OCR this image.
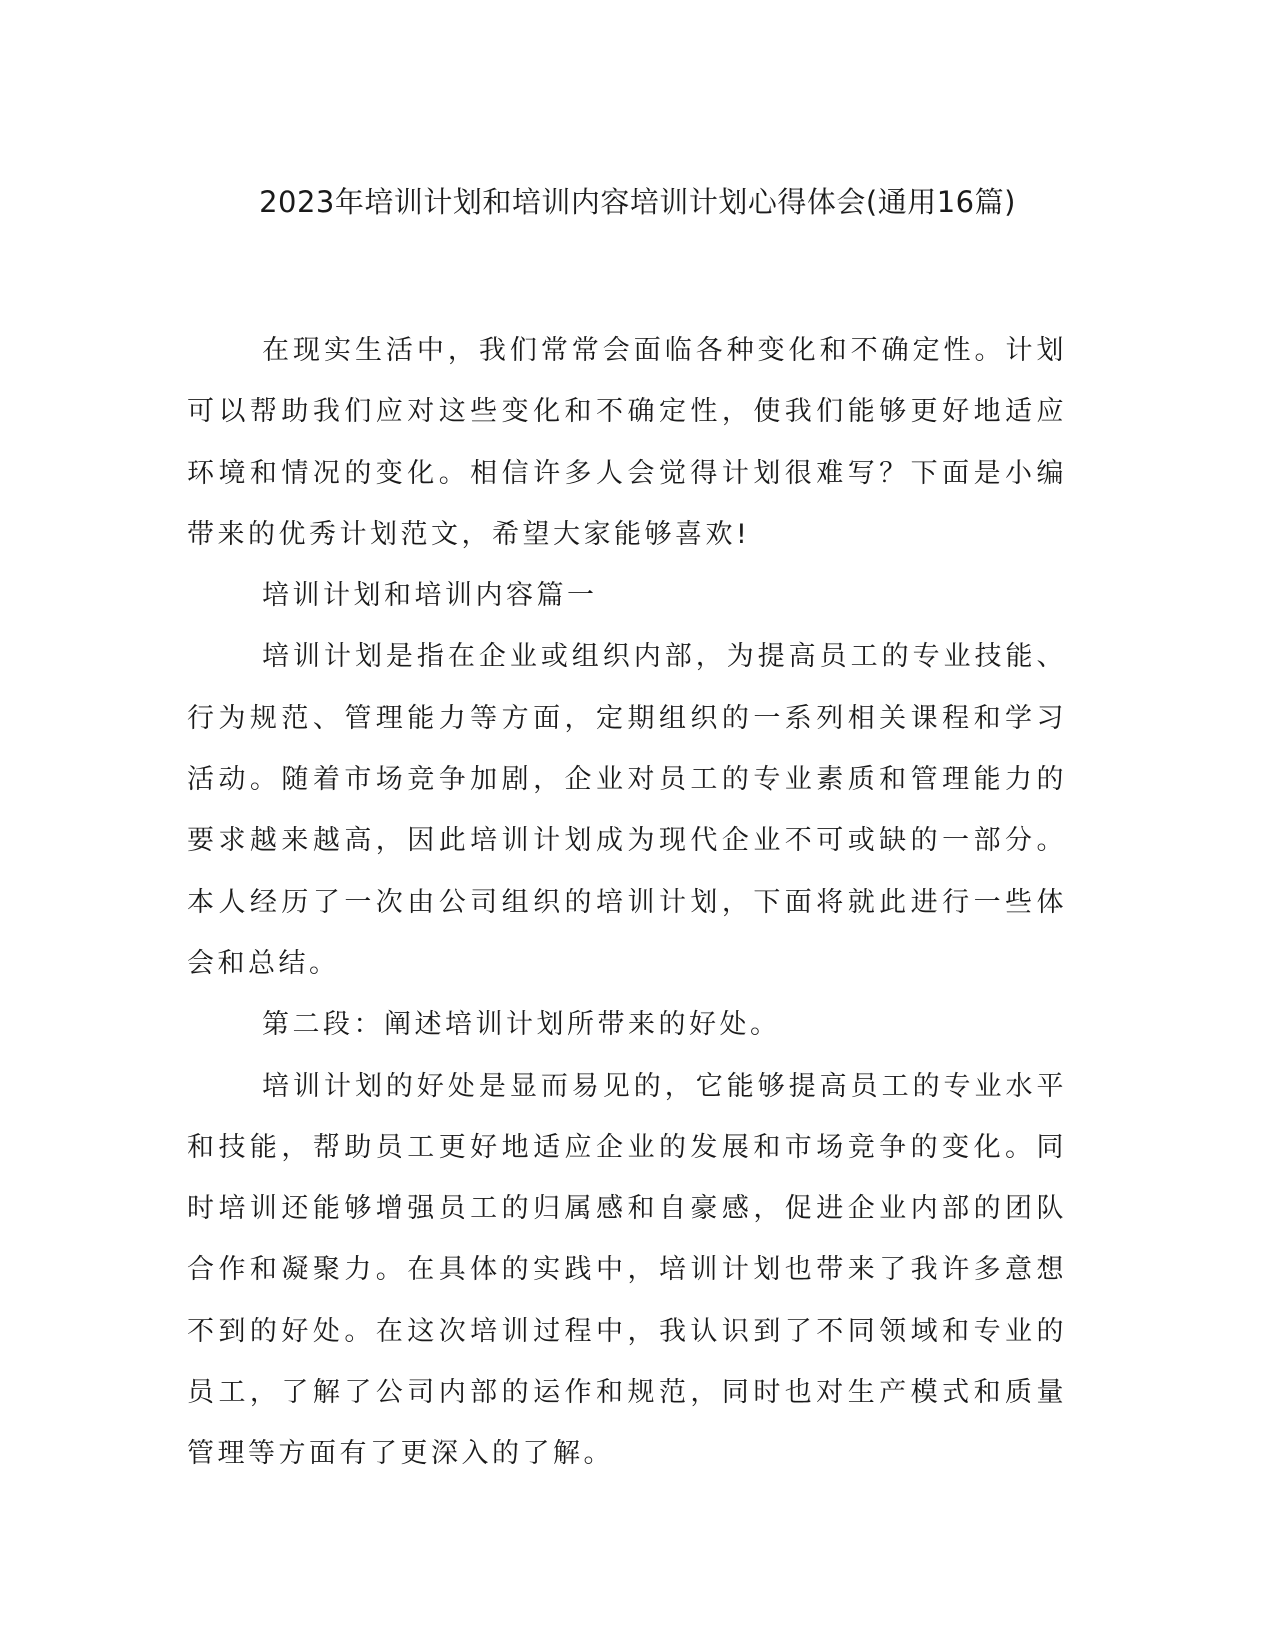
2023年培训计划和培训内容培训计划心得体会(通用16篇)

在现实生活中，我们常常会面临各种变化和不确定性。计划可以帮助我们应对这些变化和不确定性，使我们能够更好地适应环境和情况的变化。相信许多人会觉得计划很难写？下面是小编带来的优秀计划范文，希望大家能够喜欢!

培训计划和培训内容篇一

培训计划是指在企业或组织内部，为提高员工的专业技能、行为规范、管理能力等方面，定期组织的一系列相关课程和学习活动。随着市场竞争加剧，企业对员工的专业素质和管理能力的要求越来越高，因此培训计划成为现代企业不可或缺的一部分。本人经历了一次由公司组织的培训计划，下面将就此进行一些体会和总结。

第二段：阐述培训计划所带来的好处。

培训计划的好处是显而易见的，它能够提高员工的专业水平和技能，帮助员工更好地适应企业的发展和市场竞争的变化。同时培训还能够增强员工的归属感和自豪感，促进企业内部的团队合作和凝聚力。在具体的实践中，培训计划也带来了我许多意想不到的好处。在这次培训过程中，我认识到了不同领域和专业的员工，了解了公司内部的运作和规范，同时也对生产模式和质量管理等方面有了更深入的了解。
